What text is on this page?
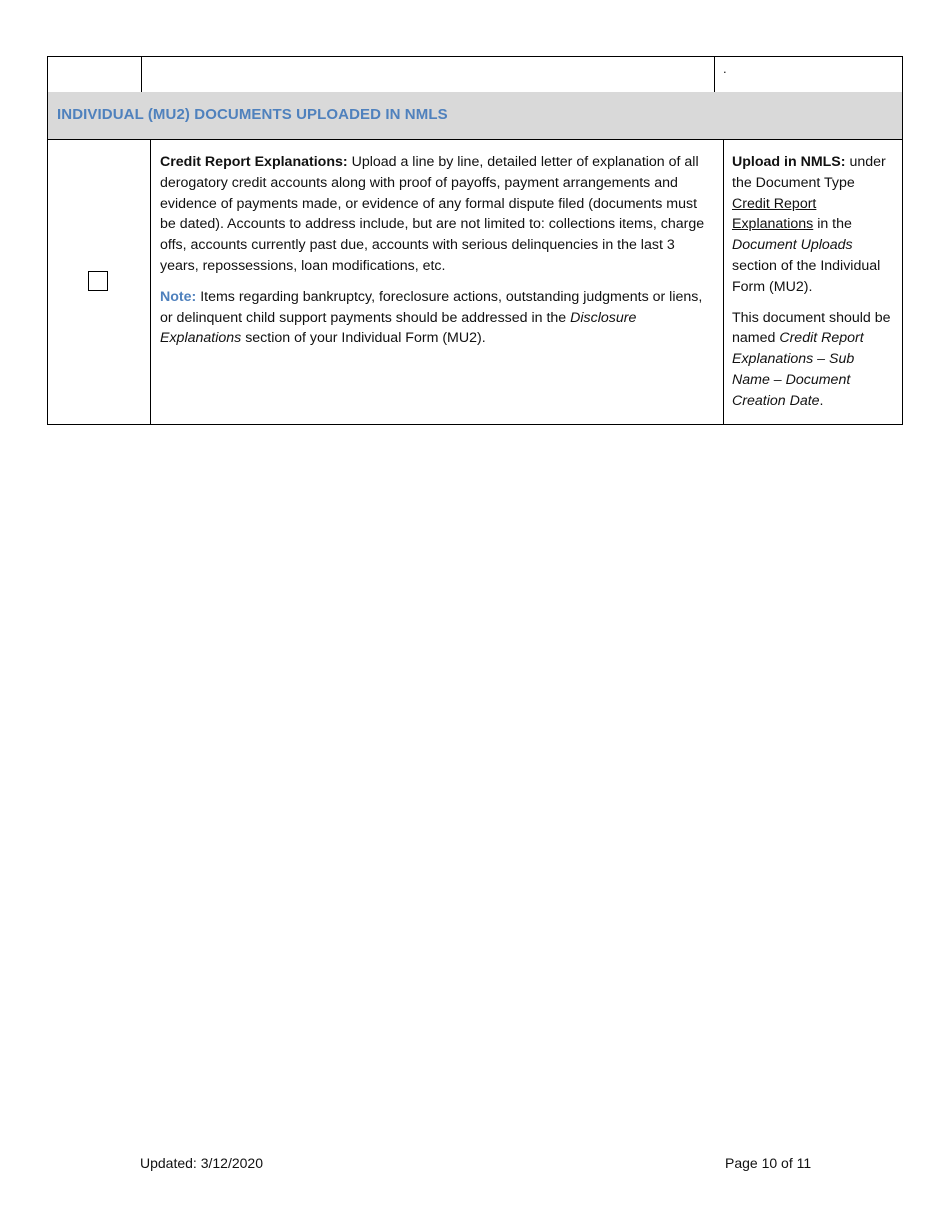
.
INDIVIDUAL (MU2) DOCUMENTS UPLOADED IN NMLS

Credit Report Explanations: Upload a line by line, detailed letter of explanation of all derogatory credit accounts along with proof of payoffs, payment arrangements and evidence of payments made, or evidence of any formal dispute filed (documents must be dated). Accounts to address include, but are not limited to: collections items, charge offs, accounts currently past due, accounts with serious delinquencies in the last 3 years, repossessions, loan modifications, etc.

Note: Items regarding bankruptcy, foreclosure actions, outstanding judgments or liens, or delinquent child support payments should be addressed in the Disclosure Explanations section of your Individual Form (MU2).

Upload in NMLS: under the Document Type Credit Report Explanations in the Document Uploads section of the Individual Form (MU2).

This document should be named Credit Report Explanations – Sub Name – Document Creation Date.

Updated: 3/12/2020	Page 10 of 11
